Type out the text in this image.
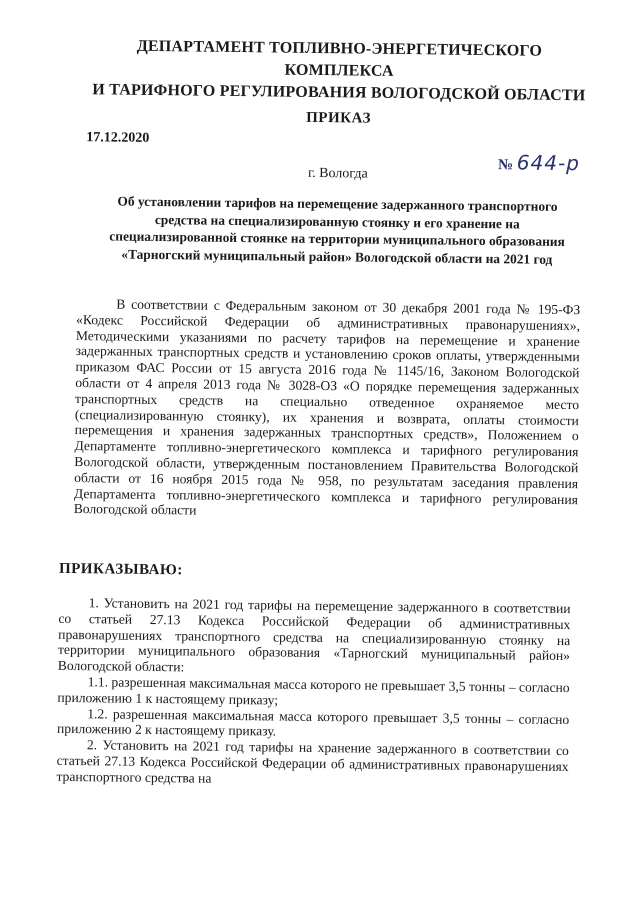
ДЕПАРТАМЕНТ ТОПЛИВНО-ЭНЕРГЕТИЧЕСКОГО КОМПЛЕКСА
И ТАРИФНОГО РЕГУЛИРОВАНИЯ ВОЛОГОДСКОЙ ОБЛАСТИ
ПРИКАЗ
17.12.2020
№ 644-р
г. Вологда
Об установлении тарифов на перемещение задержанного транспортного средства на специализированную стоянку и его хранение на специализированной стоянке на территории муниципального образования «Тарногский муниципальный район» Вологодской области на 2021 год

В соответствии с Федеральным законом от 30 декабря 2001 года № 195-ФЗ «Кодекс Российской Федерации об административных правонарушениях», Методическими указаниями по расчету тарифов на перемещение и хранение задержанных транспортных средств и установлению сроков оплаты, утвержденными приказом ФАС России от 15 августа 2016 года № 1145/16, Законом Вологодской области от 4 апреля 2013 года № 3028-ОЗ «О порядке перемещения задержанных транспортных средств на специально отведенное охраняемое место (специализированную стоянку), их хранения и возврата, оплаты стоимости перемещения и хранения задержанных транспортных средств», Положением о Департаменте топливно-энергетического комплекса и тарифного регулирования Вологодской области, утвержденным постановлением Правительства Вологодской области от 16 ноября 2015 года № 958, по результатам заседания правления Департамента топливно-энергетического комплекса и тарифного регулирования Вологодской области

ПРИКАЗЫВАЮ:

1. Установить на 2021 год тарифы на перемещение задержанного в соответствии со статьей 27.13 Кодекса Российской Федерации об административных правонарушениях транспортного средства на специализированную стоянку на территории муниципального образования «Тарногский муниципальный район» Вологодской области:

1.1. разрешенная максимальная масса которого не превышает 3,5 тонны – согласно приложению 1 к настоящему приказу;

1.2. разрешенная максимальная масса которого превышает 3,5 тонны – согласно приложению 2 к настоящему приказу.

2. Установить на 2021 год тарифы на хранение задержанного в соответствии со статьей 27.13 Кодекса Российской Федерации об административных правонарушениях транспортного средства на
